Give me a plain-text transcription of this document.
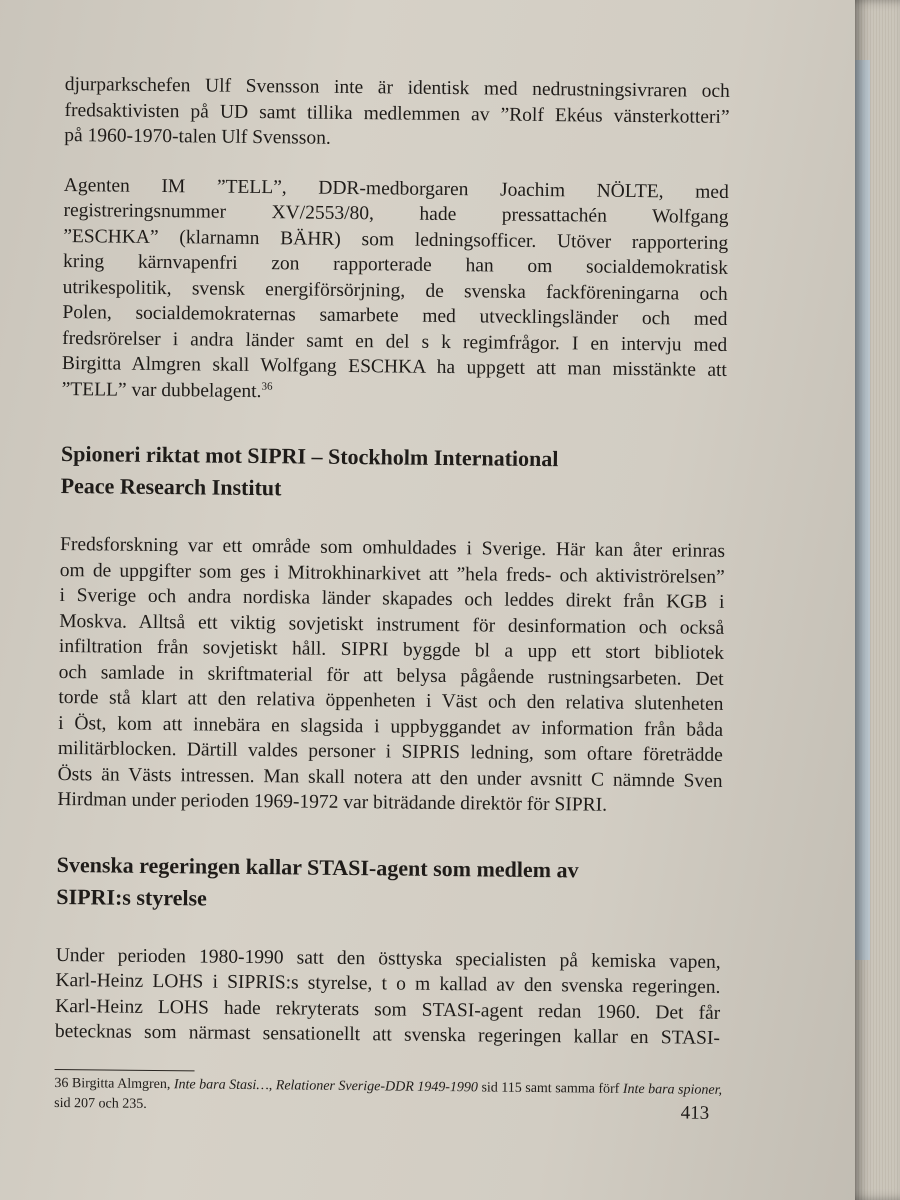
djurparkschefen Ulf Svensson inte är identisk med nedrustningsivraren och
fredsaktivisten på UD samt tillika medlemmen av ”Rolf Ekéus vänsterkotteri”
på 1960-1970-talen Ulf Svensson.
Agenten IM ”TELL”, DDR-medborgaren Joachim NÖLTE, med
registreringsnummer XV/2553/80, hade pressattachén Wolfgang
”ESCHKA” (klarnamn BÄHR) som ledningsofficer. Utöver rapportering
kring kärnvapenfri zon rapporterade han om socialdemokratisk
utrikespolitik, svensk energiförsörjning, de svenska fackföreningarna och
Polen, socialdemokraternas samarbete med utvecklingsländer och med
fredsrörelser i andra länder samt en del s k regimfrågor. I en intervju med
Birgitta Almgren skall Wolfgang ESCHKA ha uppgett att man misstänkte att
”TELL” var dubbelagent.$^{36}$
Spioneri riktat mot SIPRI – Stockholm International
Peace Research Institut
Fredsforskning var ett område som omhuldades i Sverige. Här kan åter erinras
om de uppgifter som ges i Mitrokhinarkivet att ”hela freds- och aktiviströrelsen”
i Sverige och andra nordiska länder skapades och leddes direkt från KGB i
Moskva. Alltså ett viktig sovjetiskt instrument för desinformation och också
infiltration från sovjetiskt håll. SIPRI byggde bl a upp ett stort bibliotek
och samlade in skriftmaterial för att belysa pågående rustningsarbeten. Det
torde stå klart att den relativa öppenheten i Väst och den relativa slutenheten
i Öst, kom att innebära en slagsida i uppbyggandet av information från båda
militärblocken. Därtill valdes personer i SIPRIS ledning, som oftare företrädde
Östs än Västs intressen. Man skall notera att den under avsnitt C nämnde Sven
Hirdman under perioden 1969-1972 var biträdande direktör för SIPRI.
Svenska regeringen kallar STASI-agent som medlem av
SIPRI:s styrelse
Under perioden 1980-1990 satt den östtyska specialisten på kemiska vapen,
Karl-Heinz LOHS i SIPRIS:s styrelse, t o m kallad av den svenska regeringen.
Karl-Heinz LOHS hade rekryterats som STASI-agent redan 1960. Det får
betecknas som närmast sensationellt att svenska regeringen kallar en STASI-
36 Birgitta Almgren, Inte bara Stasi…, Relationer Sverige-DDR 1949-1990 sid 115 samt samma förf Inte bara spioner,
sid 207 och 235.	413
